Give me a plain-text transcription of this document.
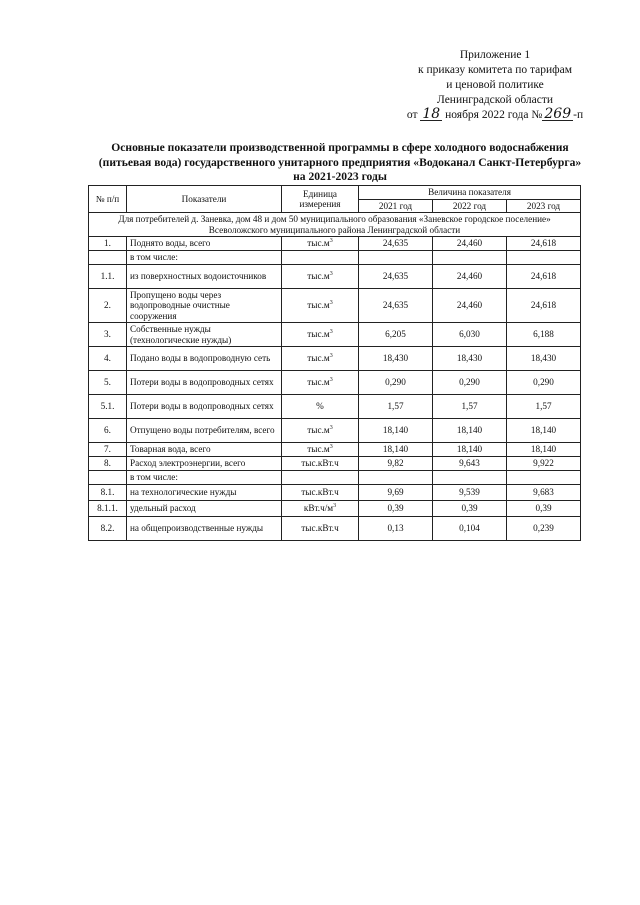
Приложение 1
к приказу комитета по тарифам
и ценовой политике
Ленинградской области
от 18 ноября 2022 года № 269 -п
Основные показатели производственной программы в сфере холодного водоснабжения
(питьевая вода) государственного унитарного предприятия «Водоканал Санкт-Петербурга»
на 2021-2023 годы
№ п/п	Показатели	Единица измерения	Величина показателя		
			2021 год	2022 год	2023 год
Для потребителей д. Заневка, дом 48 и дом 50 муниципального образования «Заневское городское поселение» Всеволожского муниципального района Ленинградской области					
1.	Поднято воды, всего	$тыс.м^3$	24,635	24,460	24,618
	в том числе:				
1.1.	из поверхностных водоисточников	$тыс.м^3$	24,635	24,460	24,618
2.	Пропущено воды через водопроводные очистные сооружения	$тыс.м^3$	24,635	24,460	24,618
3.	Собственные нужды (технологические нужды)	$тыс.м^3$	6,205	6,030	6,188
4.	Подано воды в водопроводную сеть	$тыс.м^3$	18,430	18,430	18,430
5.	Потери воды в водопроводных сетях	$тыс.м^3$	0,290	0,290	0,290
5.1.	Потери воды в водопроводных сетях	%	1,57	1,57	1,57
6.	Отпущено воды потребителям, всего	$тыс.м^3$	18,140	18,140	18,140
7.	Товарная вода, всего	$тыс.м^3$	18,140	18,140	18,140
8.	Расход электроэнергии, всего	тыс.кВт.ч	9,82	9,643	9,922
	в том числе:				
8.1.	на технологические нужды	тыс.кВт.ч	9,69	9,539	9,683
8.1.1.	удельный расход	$кВт.ч/м^3$	0,39	0,39	0,39
8.2.	на общепроизводственные нужды	тыс.кВт.ч	0,13	0,104	0,239
